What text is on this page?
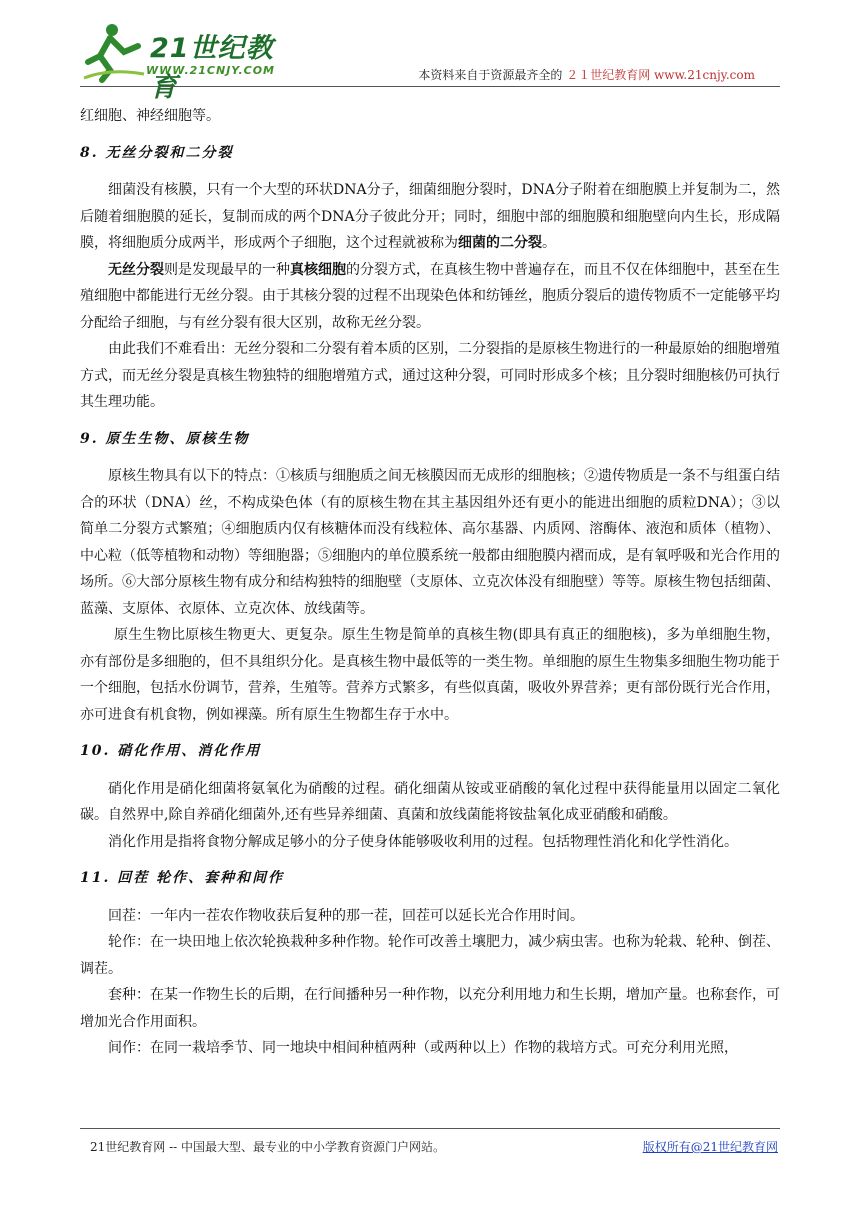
21世纪教育
WWW.21CNJY.COM	本资料来自于资源最齐全的 ２１世纪教育网 www.21cnjy.com

红细胞、神经细胞等。

8. 无丝分裂和二分裂

细菌没有核膜，只有一个大型的环状DNA分子，细菌细胞分裂时，DNA分子附着在细胞膜上并复制为二，然后随着细胞膜的延长，复制而成的两个DNA分子彼此分开；同时，细胞中部的细胞膜和细胞壁向内生长，形成隔膜，将细胞质分成两半，形成两个子细胞，这个过程就被称为细菌的二分裂。

无丝分裂则是发现最早的一种真核细胞的分裂方式，在真核生物中普遍存在，而且不仅在体细胞中，甚至在生殖细胞中都能进行无丝分裂。由于其核分裂的过程不出现染色体和纺锤丝，胞质分裂后的遗传物质不一定能够平均分配给子细胞，与有丝分裂有很大区别，故称无丝分裂。

由此我们不难看出：无丝分裂和二分裂有着本质的区别，二分裂指的是原核生物进行的一种最原始的细胞增殖方式，而无丝分裂是真核生物独特的细胞增殖方式，通过这种分裂，可同时形成多个核；且分裂时细胞核仍可执行其生理功能。

9. 原生生物、原核生物

原核生物具有以下的特点：①核质与细胞质之间无核膜因而无成形的细胞核；②遗传物质是一条不与组蛋白结合的环状（DNA）丝，不构成染色体（有的原核生物在其主基因组外还有更小的能进出细胞的质粒DNA）；③以简单二分裂方式繁殖；④细胞质内仅有核糖体而没有线粒体、高尔基器、内质网、溶酶体、液泡和质体（植物）、中心粒（低等植物和动物）等细胞器；⑤细胞内的单位膜系统一般都由细胞膜内褶而成，是有氧呼吸和光合作用的场所。⑥大部分原核生物有成分和结构独特的细胞壁（支原体、立克次体没有细胞壁）等等。原核生物包括细菌、蓝藻、支原体、衣原体、立克次体、放线菌等。

原生生物比原核生物更大、更复杂。原生生物是简单的真核生物(即具有真正的细胞核)，多为单细胞生物，亦有部份是多细胞的，但不具组织分化。是真核生物中最低等的一类生物。单细胞的原生生物集多细胞生物功能于一个细胞，包括水份调节，营养，生殖等。营养方式繁多，有些似真菌，吸收外界营养；更有部份既行光合作用，亦可进食有机食物，例如裸藻。所有原生生物都生存于水中。

10. 硝化作用、消化作用

硝化作用是硝化细菌将氨氧化为硝酸的过程。硝化细菌从铵或亚硝酸的氧化过程中获得能量用以固定二氧化碳。自然界中,除自养硝化细菌外,还有些异养细菌、真菌和放线菌能将铵盐氧化成亚硝酸和硝酸。

消化作用是指将食物分解成足够小的分子使身体能够吸收利用的过程。包括物理性消化和化学性消化。

11. 回茬 轮作、套种和间作

回茬：一年内一茬农作物收获后复种的那一茬，回茬可以延长光合作用时间。

轮作：在一块田地上依次轮换栽种多种作物。轮作可改善土壤肥力，减少病虫害。也称为轮栽、轮种、倒茬、调茬。

套种：在某一作物生长的后期，在行间播种另一种作物，以充分利用地力和生长期，增加产量。也称套作，可增加光合作用面积。

间作：在同一栽培季节、同一地块中相间种植两种（或两种以上）作物的栽培方式。可充分利用光照，

21世纪教育网 -- 中国最大型、最专业的中小学教育资源门户网站。	版权所有@21世纪教育网
